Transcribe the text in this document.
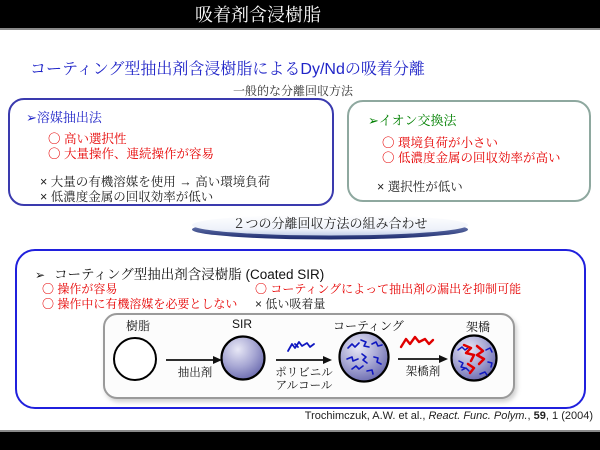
吸着剤含浸樹脂
コーティング型抽出剤含浸樹脂によるDy/Ndの吸着分離
一般的な分離回収方法
➢溶媒抽出法
〇 高い選択性
〇 大量操作、連続操作が容易
× 大量の有機溶媒を使用 → 高い環境負荷
× 低濃度金属の回収効率が低い
➢イオン交換法
〇 環境負荷が小さい
〇 低濃度金属の回収効率が高い
× 選択性が低い
２つの分離回収方法の組み合わせ
➢ コーティング型抽出剤含浸樹脂 (Coated SIR)
〇 操作が容易
〇 操作中に有機溶媒を必要としない
〇 コーティングによって抽出剤の漏出を抑制可能
× 低い吸着量
樹脂
抽出剤
SIR
ポリビニル
アルコール
コーティング
架橋剤
架橋
Trochimczuk, A.W. et al., React. Func. Polym., 59, 1 (2004)
